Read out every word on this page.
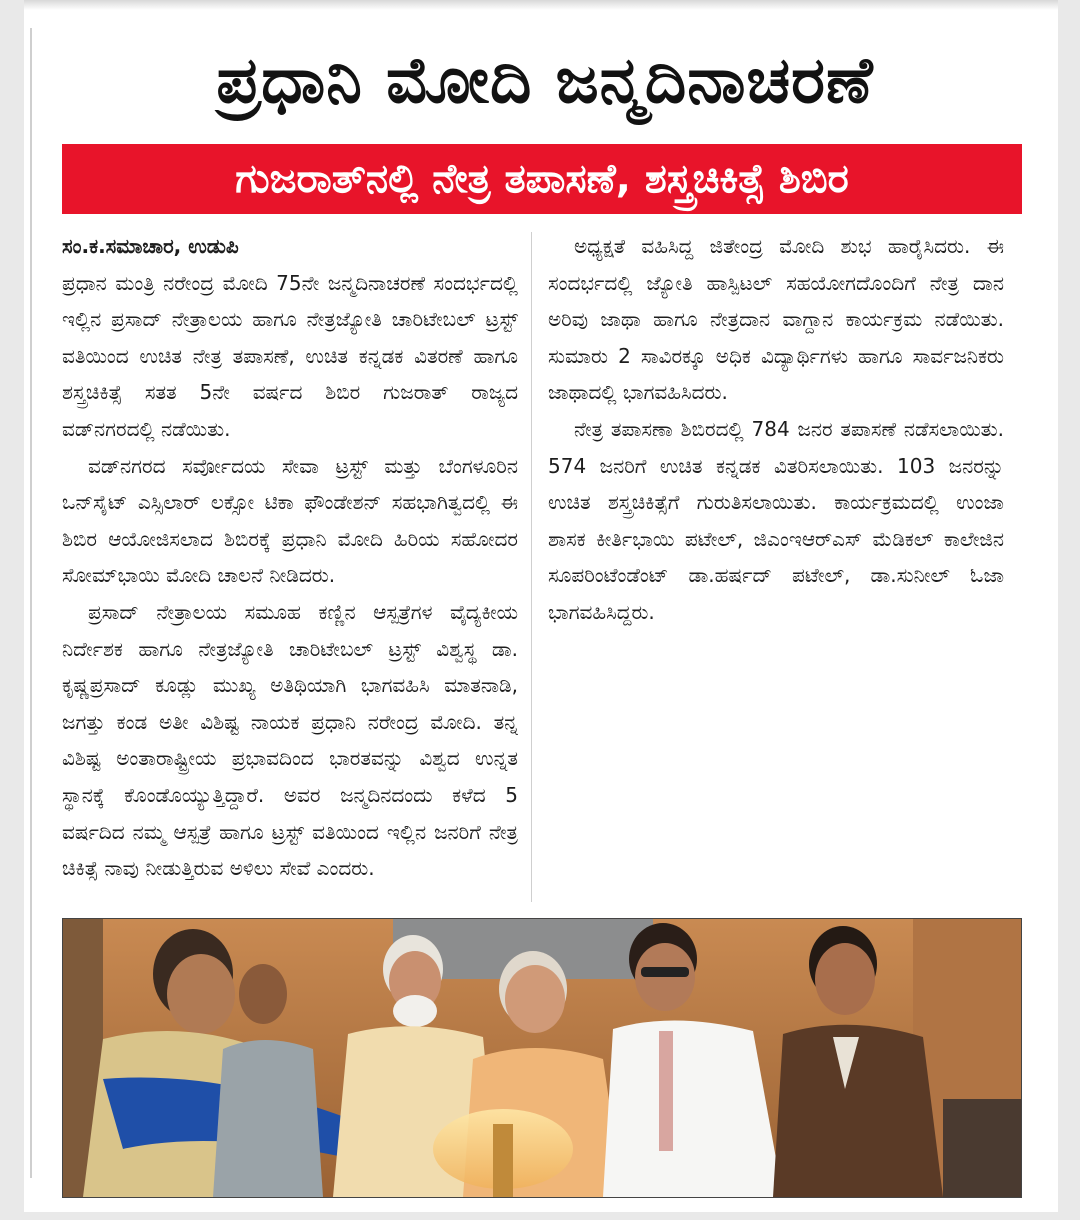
ಪ್ರಧಾನಿ ಮೋದಿ ಜನ್ಮದಿನಾಚರಣೆ
ಗುಜರಾತ್‌ನಲ್ಲಿ ನೇತ್ರ ತಪಾಸಣೆ, ಶಸ್ತ್ರಚಿಕಿತ್ಸೆ ಶಿಬಿರ
ಸಂ.ಕ.ಸಮಾಚಾರ, ಉಡುಪಿ

ಪ್ರಧಾನ ಮಂತ್ರಿ ನರೇಂದ್ರ ಮೋದಿ 75ನೇ ಜನ್ಮದಿನಾಚರಣೆ ಸಂದರ್ಭದಲ್ಲಿ ಇಲ್ಲಿನ ಪ್ರಸಾದ್ ನೇತ್ರಾಲಯ ಹಾಗೂ ನೇತ್ರಜ್ಯೋತಿ ಚಾರಿಟೇಬಲ್ ಟ್ರಸ್ಟ್ ವತಿಯಿಂದ ಉಚಿತ ನೇತ್ರ ತಪಾಸಣೆ, ಉಚಿತ ಕನ್ನಡಕ ವಿತರಣೆ ಹಾಗೂ ಶಸ್ತ್ರಚಿಕಿತ್ಸೆ ಸತತ 5ನೇ ವರ್ಷದ ಶಿಬಿರ ಗುಜರಾತ್ ರಾಜ್ಯದ ವಡ್‌ನಗರದಲ್ಲಿ ನಡೆಯಿತು.

ವಡ್‌ನಗರದ ಸರ್ವೋದಯ ಸೇವಾ ಟ್ರಸ್ಟ್ ಮತ್ತು ಬೆಂಗಳೂರಿನ ಒನ್‌ಸೈಟ್ ಎಸ್ಸಿಲಾರ್ ಲಕ್ಸೋ ಟಿಕಾ ಫೌಂಡೇಶನ್ ಸಹಭಾಗಿತ್ವದಲ್ಲಿ ಈ ಶಿಬಿರ ಆಯೋಜಿಸಲಾದ ಶಿಬಿರಕ್ಕೆ ಪ್ರಧಾನಿ ಮೋದಿ ಹಿರಿಯ ಸಹೋದರ ಸೋಮ್‌ಭಾಯಿ ಮೋದಿ ಚಾಲನೆ ನೀಡಿದರು.

ಪ್ರಸಾದ್ ನೇತ್ರಾಲಯ ಸಮೂಹ ಕಣ್ಣಿನ ಆಸ್ಪತ್ರೆಗಳ ವೈದ್ಯಕೀಯ ನಿರ್ದೇಶಕ ಹಾಗೂ ನೇತ್ರಜ್ಯೋತಿ ಚಾರಿಟೇಬಲ್ ಟ್ರಸ್ಟ್ ವಿಶ್ವಸ್ಥ ಡಾ. ಕೃಷ್ಣಪ್ರಸಾದ್ ಕೂಡ್ಲು ಮುಖ್ಯ ಅತಿಥಿಯಾಗಿ ಭಾಗವಹಿಸಿ ಮಾತನಾಡಿ, ಜಗತ್ತು ಕಂಡ ಅತೀ ವಿಶಿಷ್ಟ ನಾಯಕ ಪ್ರಧಾನಿ ನರೇಂದ್ರ ಮೋದಿ. ತನ್ನ ವಿಶಿಷ್ಟ ಅಂತಾರಾಷ್ಟ್ರೀಯ ಪ್ರಭಾವದಿಂದ ಭಾರತವನ್ನು ವಿಶ್ವದ ಉನ್ನತ ಸ್ಥಾನಕ್ಕೆ ಕೊಂಡೊಯ್ಯುತ್ತಿದ್ದಾರೆ. ಅವರ ಜನ್ಮದಿನದಂದು ಕಳೆದ 5 ವರ್ಷದಿದ ನಮ್ಮ ಆಸ್ಪತ್ರೆ ಹಾಗೂ ಟ್ರಸ್ಟ್ ವತಿಯಿಂದ ಇಲ್ಲಿನ ಜನರಿಗೆ ನೇತ್ರ ಚಿಕಿತ್ಸೆ ನಾವು ನೀಡುತ್ತಿರುವ ಅಳಿಲು ಸೇವೆ ಎಂದರು.

ಅಧ್ಯಕ್ಷತೆ ವಹಿಸಿದ್ದ ಜಿತೇಂದ್ರ ಮೋದಿ ಶುಭ ಹಾರೈಸಿದರು. ಈ ಸಂದರ್ಭದಲ್ಲಿ ಜ್ಯೋತಿ ಹಾಸ್ಪಿಟಲ್ ಸಹಯೋಗದೊಂದಿಗೆ ನೇತ್ರ ದಾನ ಅರಿವು ಜಾಥಾ ಹಾಗೂ ನೇತ್ರದಾನ ವಾಗ್ದಾನ ಕಾರ್ಯಕ್ರಮ ನಡೆಯಿತು. ಸುಮಾರು 2 ಸಾವಿರಕ್ಕೂ ಅಧಿಕ ವಿದ್ಯಾರ್ಥಿಗಳು ಹಾಗೂ ಸಾರ್ವಜನಿಕರು ಜಾಥಾದಲ್ಲಿ ಭಾಗವಹಿಸಿದರು.

ನೇತ್ರ ತಪಾಸಣಾ ಶಿಬಿರದಲ್ಲಿ 784 ಜನರ ತಪಾಸಣೆ ನಡೆಸಲಾಯಿತು. 574 ಜನರಿಗೆ ಉಚಿತ ಕನ್ನಡಕ ವಿತರಿಸಲಾಯಿತು. 103 ಜನರನ್ನು ಉಚಿತ ಶಸ್ತ್ರಚಿಕಿತ್ಸೆಗೆ ಗುರುತಿಸಲಾಯಿತು. ಕಾರ್ಯಕ್ರಮದಲ್ಲಿ ಉಂಜಾ ಶಾಸಕ ಕೀರ್ತಿಭಾಯಿ ಪಟೇಲ್, ಜಿಎಂಇಆರ್‌ಎಸ್ ಮೆಡಿಕಲ್ ಕಾಲೇಜಿನ ಸೂಪರಿಂಟೆಂಡೆಂಟ್ ಡಾ.ಹರ್ಷದ್ ಪಟೇಲ್, ಡಾ.ಸುನೀಲ್ ಓಜಾ ಭಾಗವಹಿಸಿದ್ದರು.
